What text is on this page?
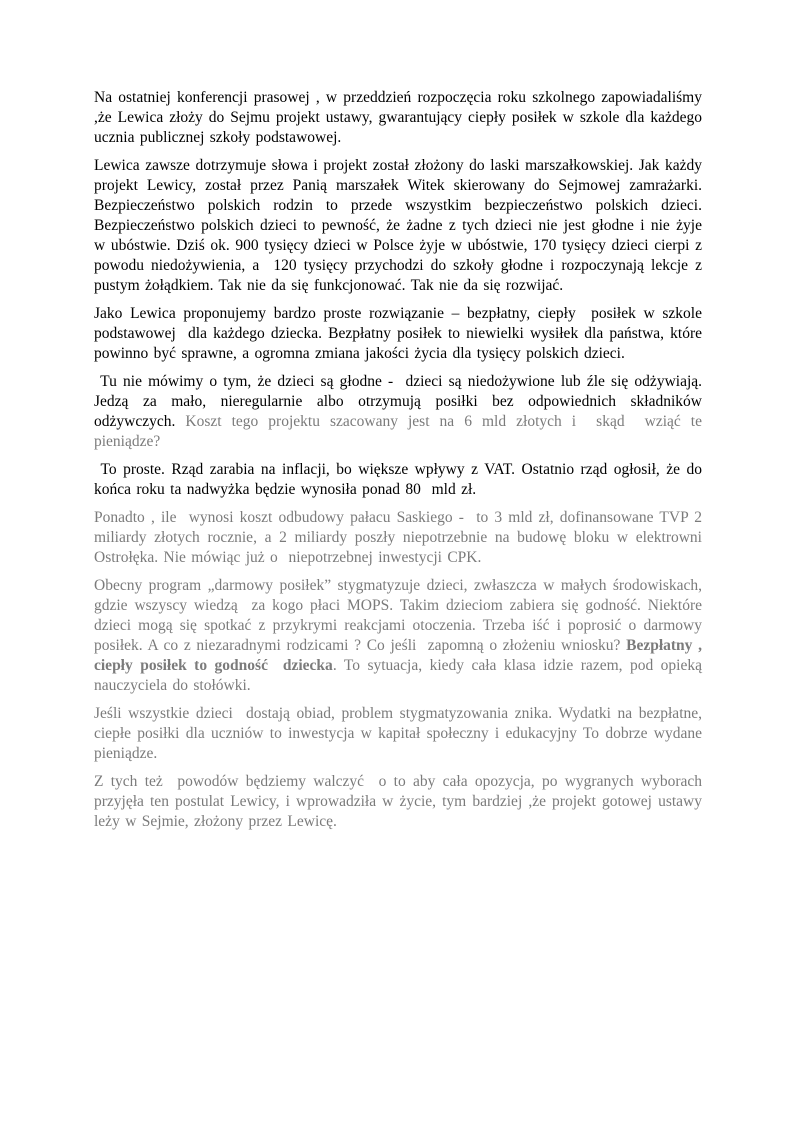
Na ostatniej konferencji prasowej , w przeddzień rozpoczęcia roku szkolnego zapowiadaliśmy ,że Lewica złoży do Sejmu projekt ustawy, gwarantujący ciepły posiłek w szkole dla każdego ucznia publicznej szkoły podstawowej.

Lewica zawsze dotrzymuje słowa i projekt został złożony do laski marszałkowskiej. Jak każdy projekt Lewicy, został przez Panią marszałek Witek skierowany do Sejmowej zamrażarki. Bezpieczeństwo polskich rodzin to przede wszystkim bezpieczeństwo polskich dzieci. Bezpieczeństwo polskich dzieci to pewność, że żadne z tych dzieci nie jest głodne i nie żyje w ubóstwie. Dziś ok. 900 tysięcy dzieci w Polsce żyje w ubóstwie, 170 tysięcy dzieci cierpi z powodu niedożywienia, a  120 tysięcy przychodzi do szkoły głodne i rozpoczynają lekcje z pustym żołądkiem. Tak nie da się funkcjonować. Tak nie da się rozwijać.

Jako Lewica proponujemy bardzo proste rozwiązanie – bezpłatny, ciepły  posiłek w szkole podstawowej  dla każdego dziecka. Bezpłatny posiłek to niewielki wysiłek dla państwa, które powinno być sprawne, a ogromna zmiana jakości życia dla tysięcy polskich dzieci.

Tu nie mówimy o tym, że dzieci są głodne -  dzieci są niedożywione lub źle się odżywiają. Jedzą za mało, nieregularnie albo otrzymują posiłki bez odpowiednich składników odżywczych. Koszt tego projektu szacowany jest na 6 mld złotych i  skąd  wziąć te  pieniądze?

To proste. Rząd zarabia na inflacji, bo większe wpływy z VAT. Ostatnio rząd ogłosił, że do końca roku ta nadwyżka będzie wynosiła ponad 80  mld zł.

Ponadto , ile  wynosi koszt odbudowy pałacu Saskiego -  to 3 mld zł, dofinansowane TVP 2 miliardy złotych rocznie, a 2 miliardy poszły niepotrzebnie na budowę bloku w elektrowni Ostrołęka. Nie mówiąc już o  niepotrzebnej inwestycji CPK.

Obecny program „darmowy posiłek” stygmatyzuje dzieci, zwłaszcza w małych środowiskach, gdzie wszyscy wiedzą  za kogo płaci MOPS. Takim dzieciom zabiera się godność. Niektóre  dzieci mogą się spotkać z przykrymi reakcjami otoczenia. Trzeba iść i poprosić o darmowy posiłek. A co z niezaradnymi rodzicami ? Co jeśli  zapomną o złożeniu wniosku? Bezpłatny , ciepły posiłek to godność  dziecka. To sytuacja, kiedy cała klasa idzie razem, pod opieką nauczyciela do stołówki.

Jeśli wszystkie dzieci  dostają obiad, problem stygmatyzowania znika. Wydatki na bezpłatne, ciepłe posiłki dla uczniów to inwestycja w kapitał społeczny i edukacyjny To dobrze wydane pieniądze.

Z tych też  powodów będziemy walczyć  o to aby cała opozycja, po wygranych wyborach przyjęła ten postulat Lewicy, i wprowadziła w życie, tym bardziej ,że projekt gotowej ustawy leży w Sejmie, złożony przez Lewicę.
